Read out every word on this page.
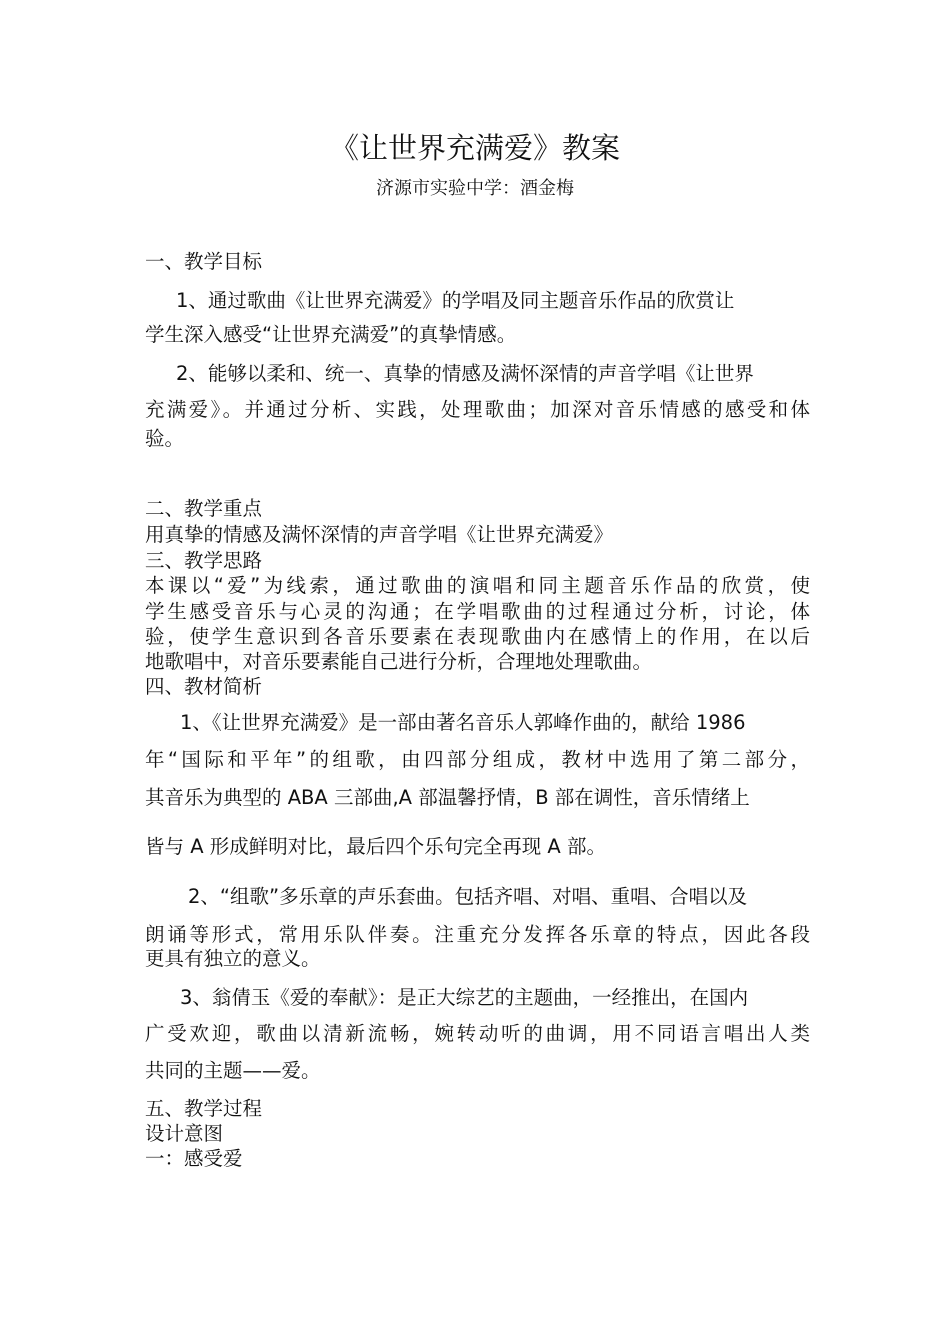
《让世界充满爱》教案
济源市实验中学：酒金梅
一、教学目标
1、通过歌曲《让世界充满爱》的学唱及同主题音乐作品的欣赏让
学生深入感受“让世界充满爱”的真挚情感。
2、能够以柔和、统一、真挚的情感及满怀深情的声音学唱《让世界
充满爱》。并通过分析、实践，处理歌曲；加深对音乐情感的感受和体
验。
二、教学重点
用真挚的情感及满怀深情的声音学唱《让世界充满爱》
三、教学思路
本课以“爱”为线索，通过歌曲的演唱和同主题音乐作品的欣赏，使
学生感受音乐与心灵的沟通；在学唱歌曲的过程通过分析，讨论，体
验，使学生意识到各音乐要素在表现歌曲内在感情上的作用，在以后
地歌唱中，对音乐要素能自己进行分析，合理地处理歌曲。
四、教材简析
1、《让世界充满爱》是一部由著名音乐人郭峰作曲的，献给 1986
年“国际和平年”的组歌，由四部分组成，教材中选用了第二部分，
其音乐为典型的 ABA 三部曲,A 部温馨抒情，B 部在调性，音乐情绪上
皆与 A 形成鲜明对比，最后四个乐句完全再现 A 部。
2、“组歌”多乐章的声乐套曲。包括齐唱、对唱、重唱、合唱以及
朗诵等形式，常用乐队伴奏。注重充分发挥各乐章的特点，因此各段
更具有独立的意义。
3、翁倩玉《爱的奉献》：是正大综艺的主题曲，一经推出，在国内
广受欢迎，歌曲以清新流畅，婉转动听的曲调，用不同语言唱出人类
共同的主题——爱。
五、教学过程
设计意图
一：感受爱
